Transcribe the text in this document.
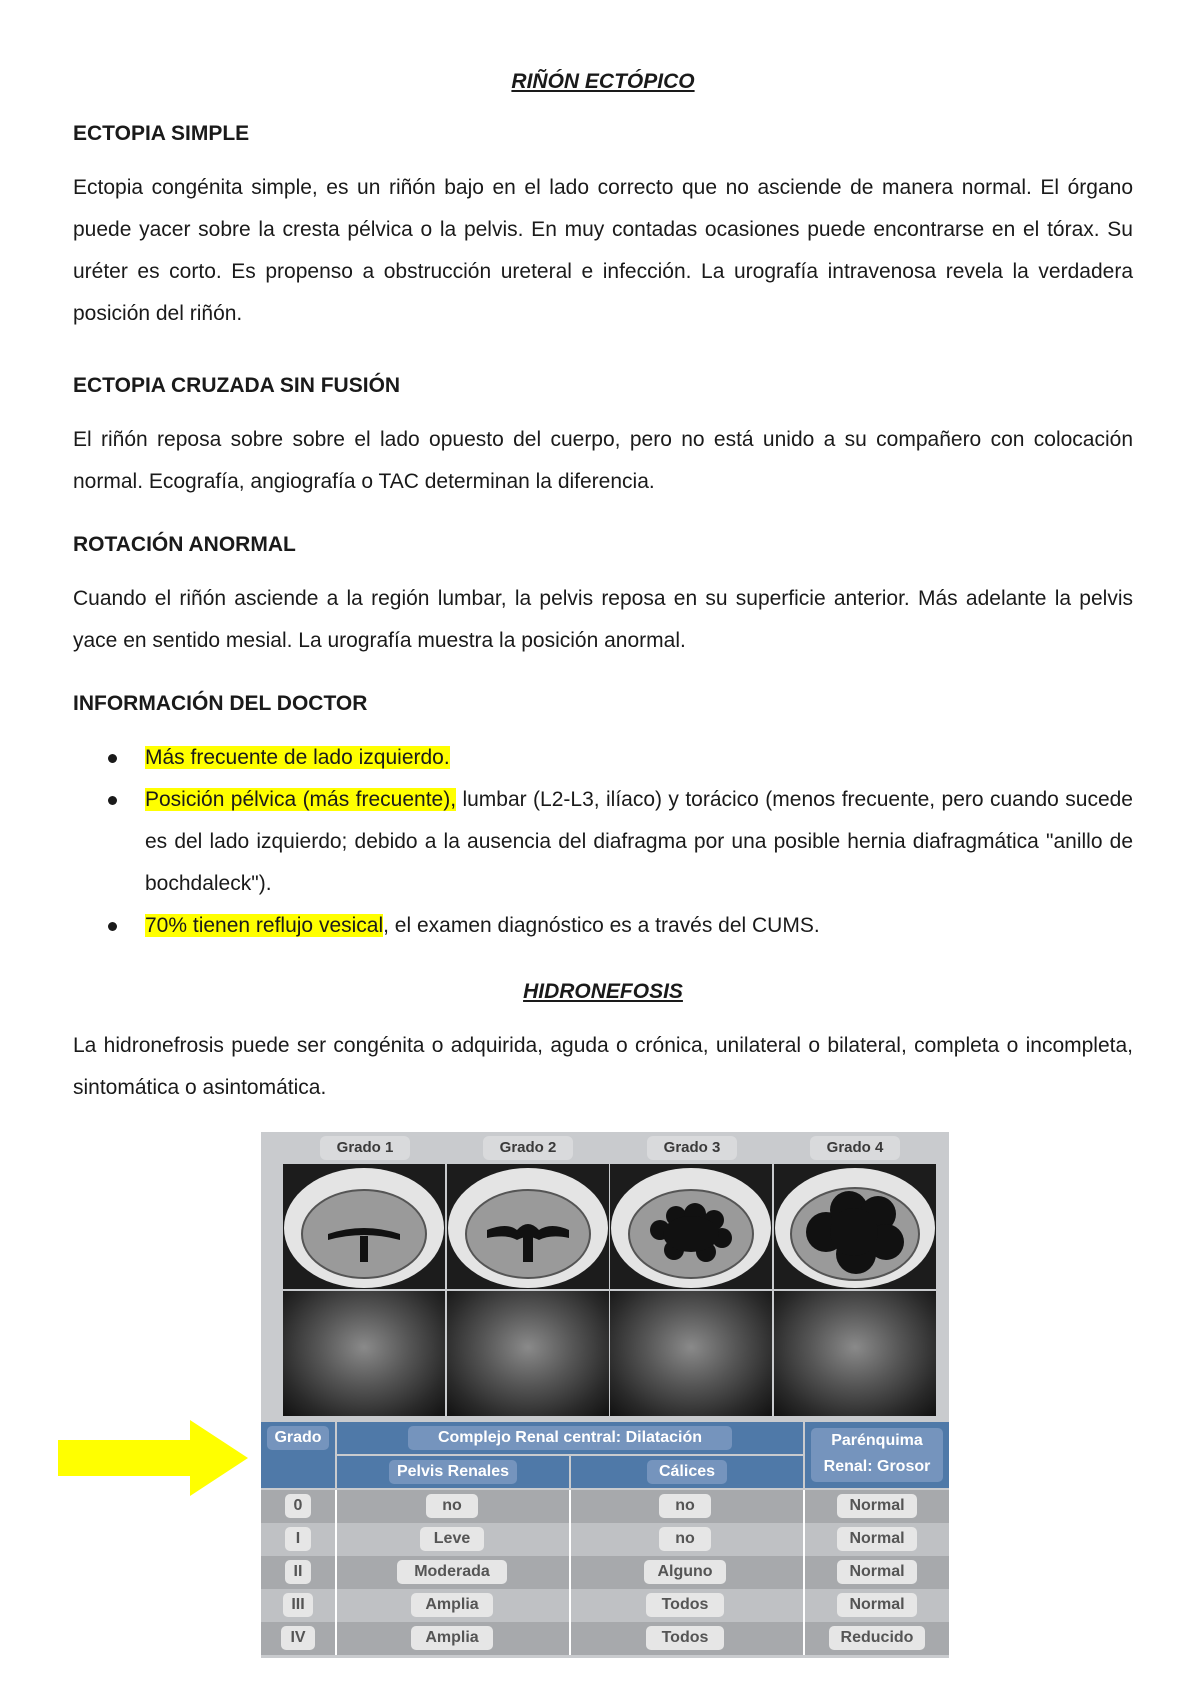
RIÑÓN ECTÓPICO
ECTOPIA SIMPLE
Ectopia congénita simple, es un riñón bajo en el lado correcto que no asciende de manera normal. El órgano puede yacer sobre la cresta pélvica o la pelvis. En muy contadas ocasiones puede encontrarse en el tórax. Su uréter es corto. Es propenso a obstrucción ureteral e infección. La urografía intravenosa revela la verdadera posición del riñón.
ECTOPIA CRUZADA SIN FUSIÓN
El riñón reposa sobre sobre el lado opuesto del cuerpo, pero no está unido a su compañero con colocación normal. Ecografía, angiografía o TAC determinan la diferencia.
ROTACIÓN ANORMAL
Cuando el riñón asciende a la región lumbar, la pelvis reposa en su superficie anterior. Más adelante la pelvis yace en sentido mesial. La urografía muestra la posición anormal.
INFORMACIÓN DEL DOCTOR
Más frecuente de lado izquierdo.
Posición pélvica (más frecuente), lumbar (L2-L3, ilíaco) y torácico (menos frecuente, pero cuando sucede es del lado izquierdo; debido a la ausencia del diafragma por una posible hernia diafragmática "anillo de bochdaleck").
70% tienen reflujo vesical, el examen diagnóstico es a través del CUMS.
HIDRONEFOSIS
La hidronefrosis puede ser congénita o adquirida, aguda o crónica, unilateral o bilateral, completa o incompleta, sintomática o asintomática.
Grado 1	Grado 2	Grado 3	Grado 4
Grado	Complejo Renal central: Dilatación	Parénquima Renal: Grosor
Pelvis Renales	Cálices
0	no	no	Normal
I	Leve	no	Normal
II	Moderada	Alguno	Normal
III	Amplia	Todos	Normal
IV	Amplia	Todos	Reducido
